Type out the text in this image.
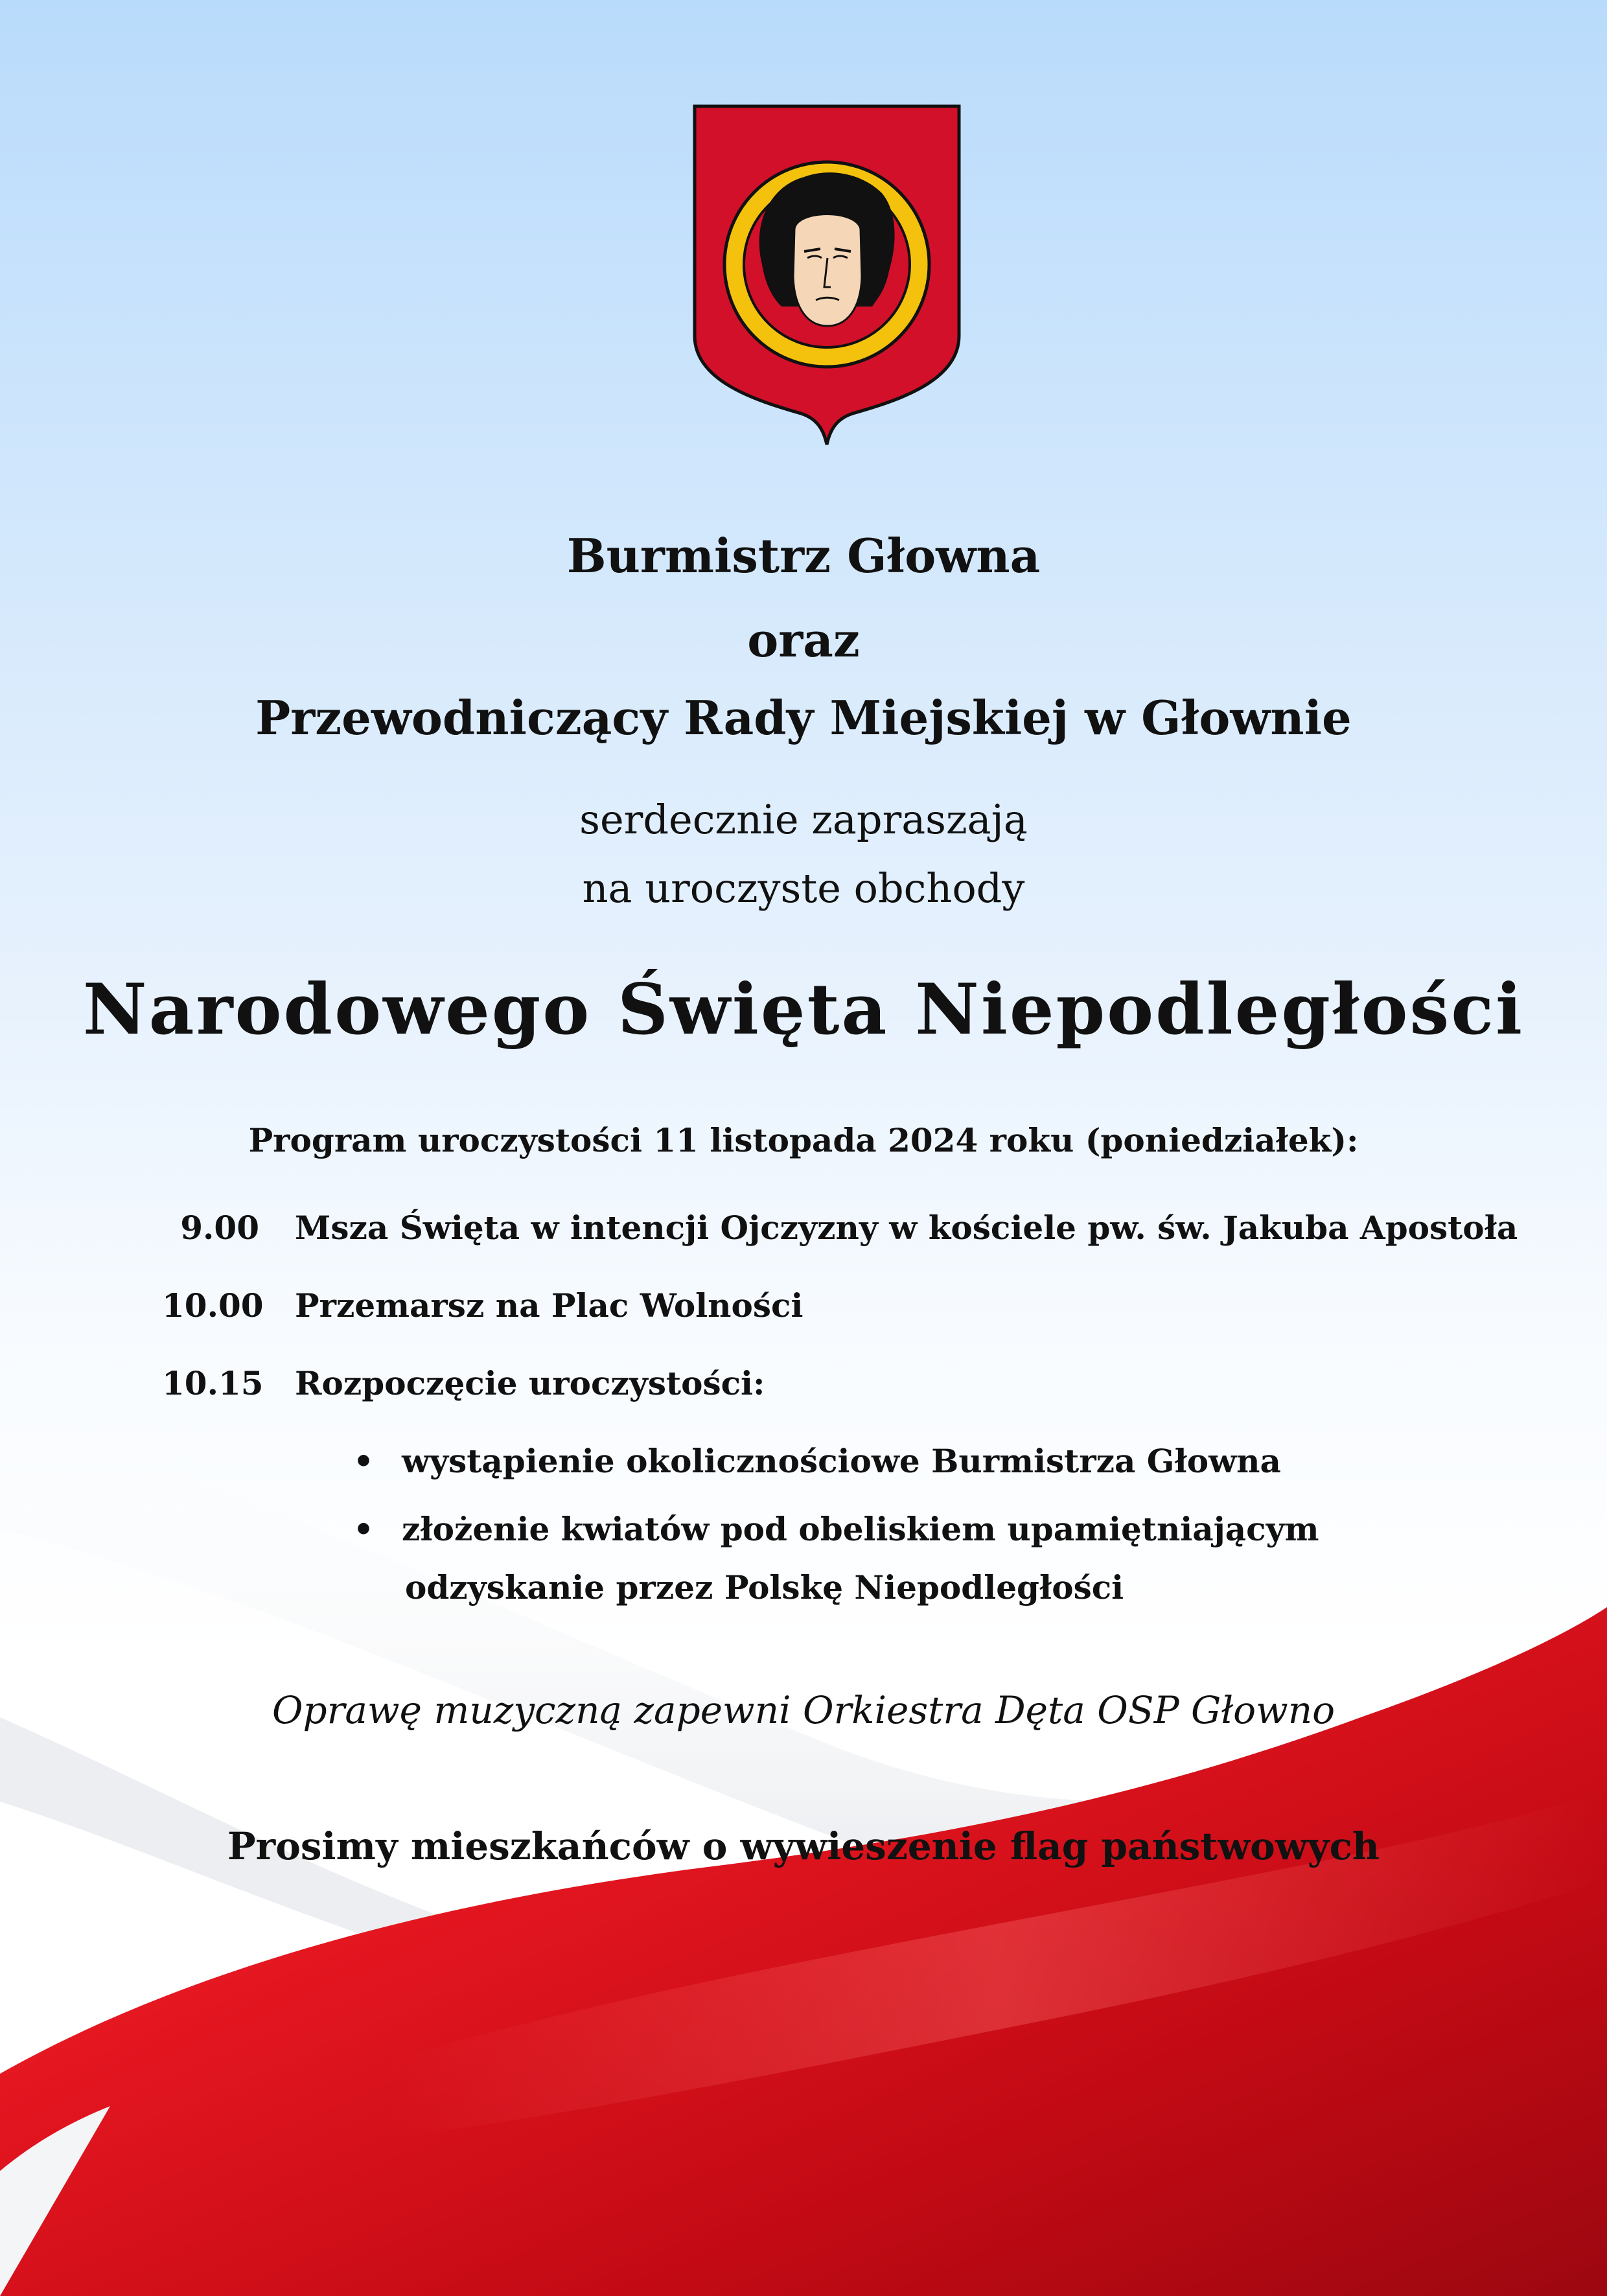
Burmistrz Głowna
oraz
Przewodniczący Rady Miejskiej w Głownie
serdecznie zapraszają
na uroczyste obchody
Narodowego Święta Niepodległości
Program uroczystości 11 listopada 2024 roku (poniedziałek):
9.00 Msza Święta w intencji Ojczyzny w kościele pw. św. Jakuba Apostoła
10.00 Przemarsz na Plac Wolności
10.15 Rozpoczęcie uroczystości:
• wystąpienie okolicznościowe Burmistrza Głowna
• złożenie kwiatów pod obeliskiem upamiętniającym
odzyskanie przez Polskę Niepodległości
Oprawę muzyczną zapewni Orkiestra Dęta OSP Głowno
Prosimy mieszkańców o wywieszenie flag państwowych
